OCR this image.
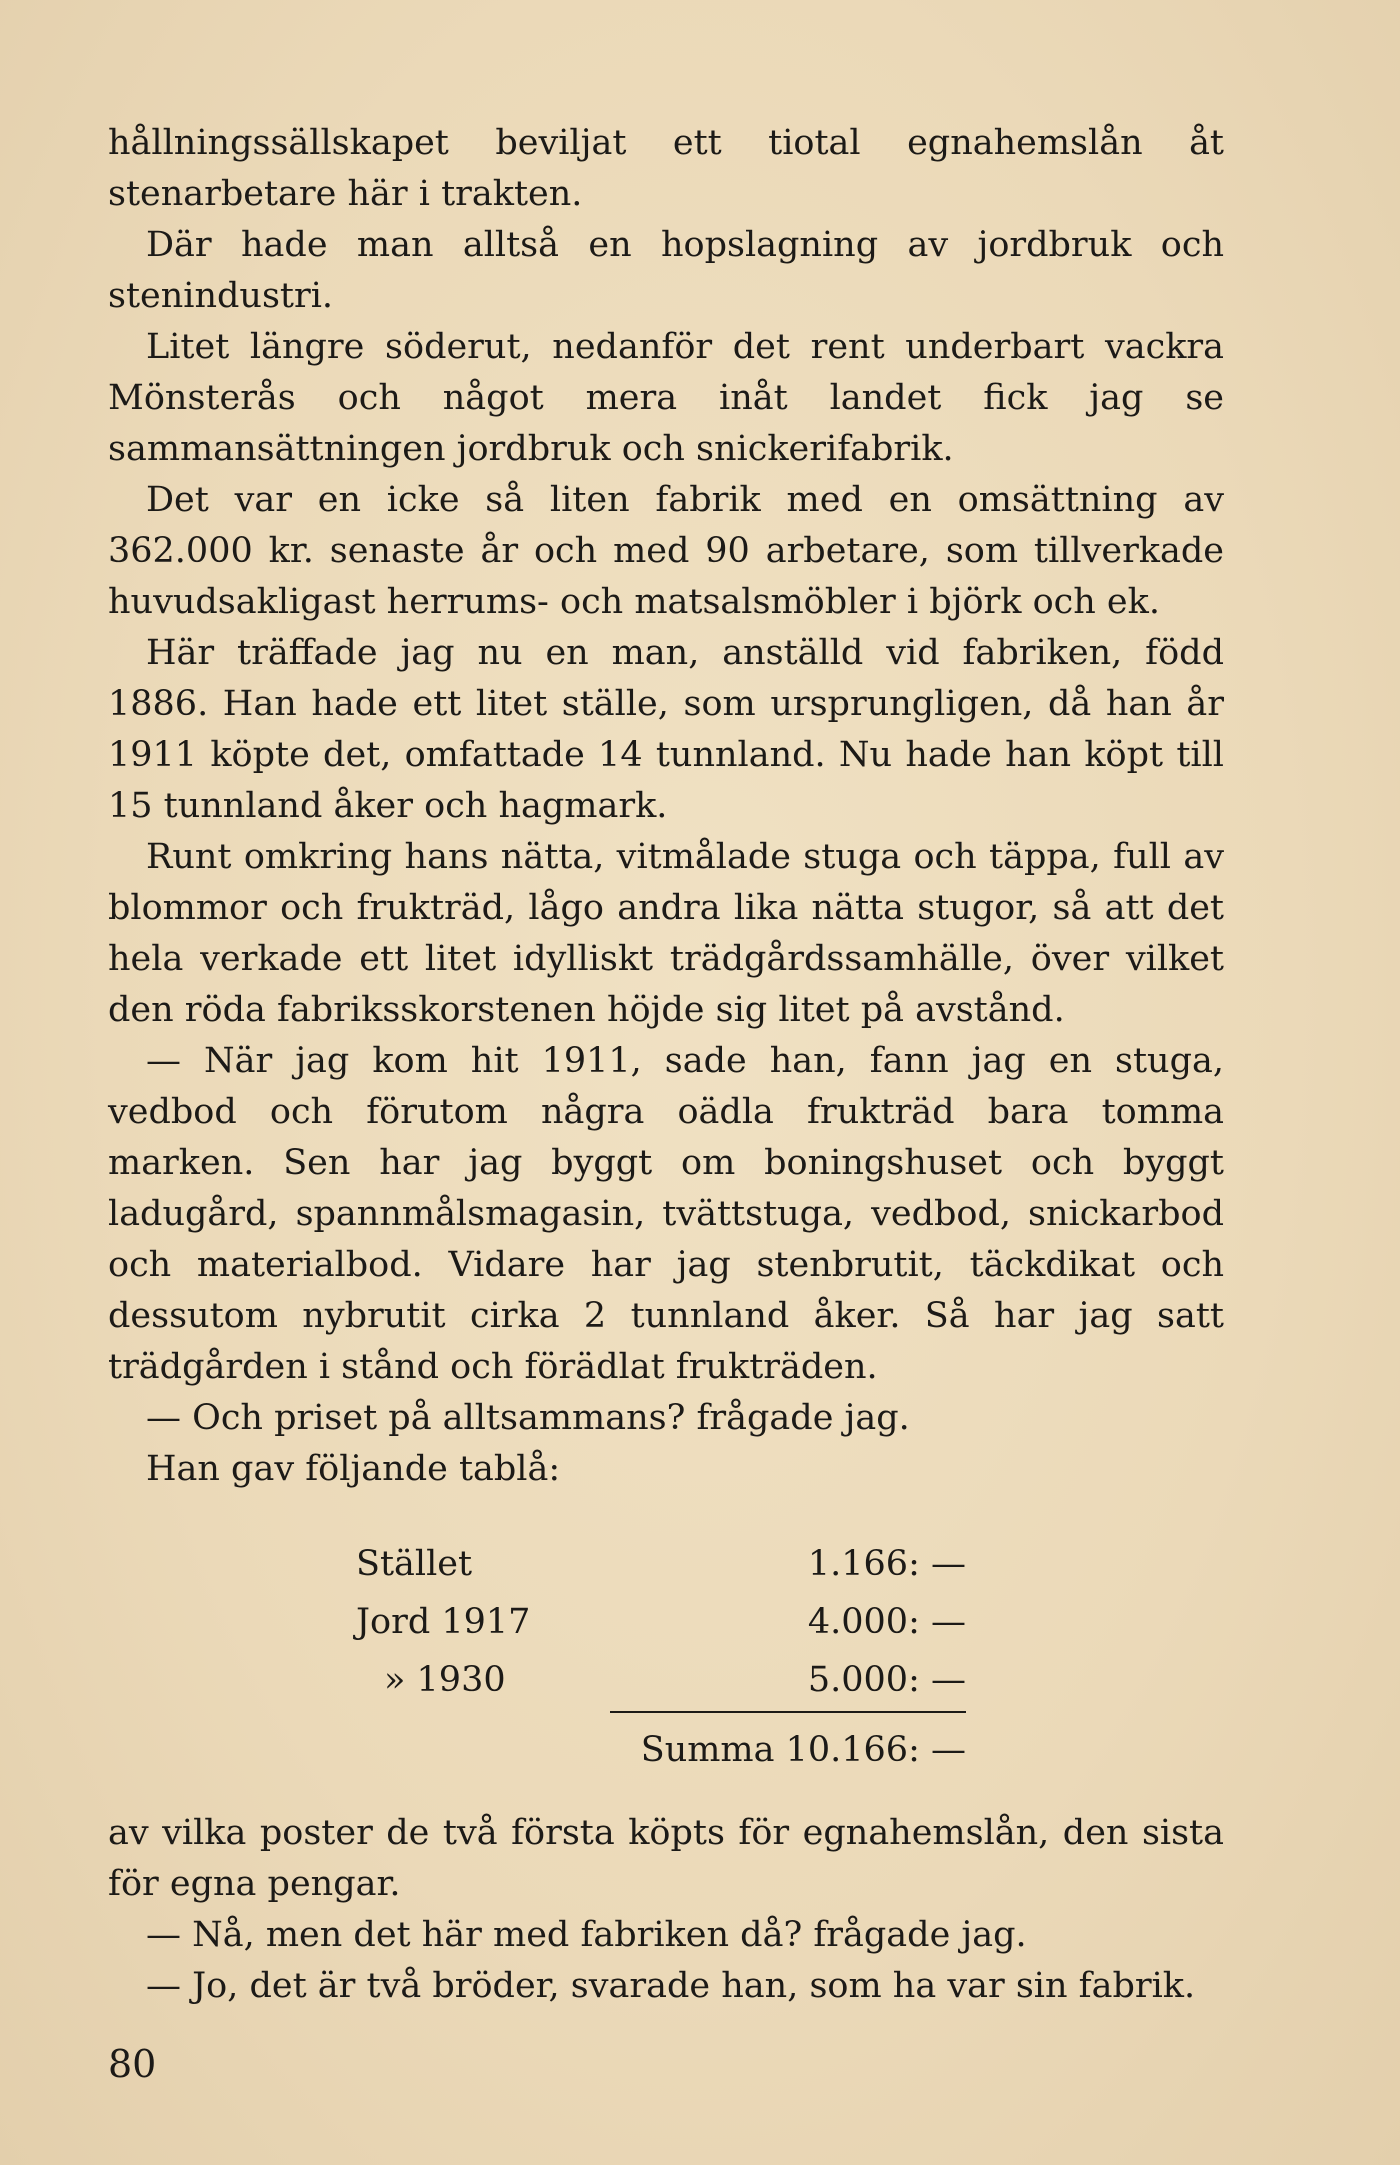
hållningssällskapet beviljat ett tiotal egnahemslån åt stenarbetare här i trakten.

Där hade man alltså en hopslagning av jordbruk och stenindustri.

Litet längre söderut, nedanför det rent underbart vackra Mönsterås och något mera inåt landet fick jag se sammansättningen jordbruk och snickerifabrik.

Det var en icke så liten fabrik med en omsättning av 362.000 kr. senaste år och med 90 arbetare, som tillverkade huvudsakligast herrums- och matsalsmöbler i björk och ek.

Här träffade jag nu en man, anställd vid fabriken, född 1886. Han hade ett litet ställe, som ursprungligen, då han år 1911 köpte det, omfattade 14 tunnland. Nu hade han köpt till 15 tunnland åker och hagmark.

Runt omkring hans nätta, vitmålade stuga och täppa, full av blommor och frukträd, lågo andra lika nätta stugor, så att det hela verkade ett litet idylliskt trädgårdssamhälle, över vilket den röda fabriksskorstenen höjde sig litet på avstånd.

— När jag kom hit 1911, sade han, fann jag en stuga, vedbod och förutom några oädla frukträd bara tomma marken. Sen har jag byggt om boningshuset och byggt ladugård, spannmålsmagasin, tvättstuga, vedbod, snickarbod och materialbod. Vidare har jag stenbrutit, täckdikat och dessutom nybrutit cirka 2 tunnland åker. Så har jag satt trädgården i stånd och förädlat frukträden.

— Och priset på alltsammans? frågade jag.

Han gav följande tablå:

Stället	1.166: —
Jord 1917	4.000: —
» 1930	5.000: —
Summa 10.166: —

av vilka poster de två första köpts för egnahemslån, den sista för egna pengar.

— Nå, men det här med fabriken då? frågade jag.

— Jo, det är två bröder, svarade han, som ha var sin fabrik.

80
